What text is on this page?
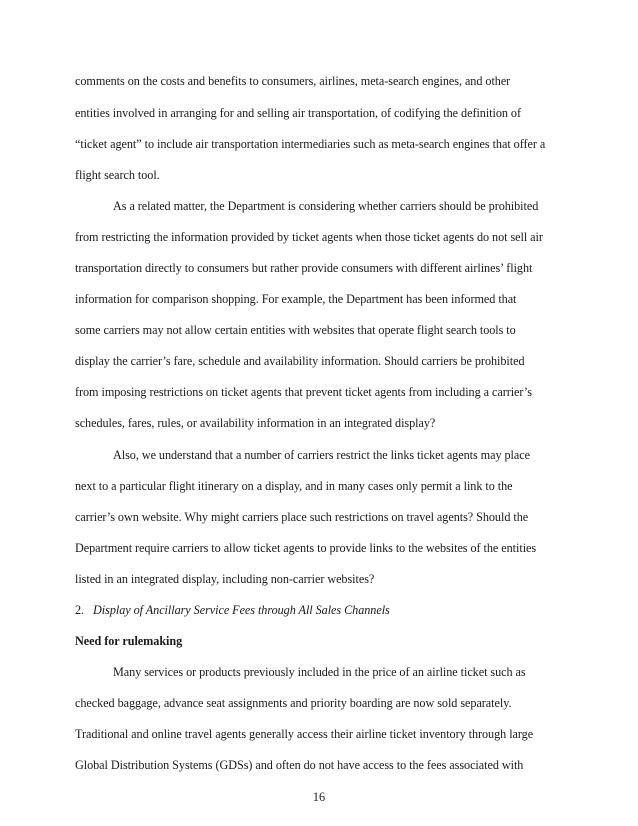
comments on the costs and benefits to consumers, airlines, meta-search engines, and other
entities involved in arranging for and selling air transportation, of codifying the definition of
“ticket agent” to include air transportation intermediaries such as meta-search engines that offer a
flight search tool.
As a related matter, the Department is considering whether carriers should be prohibited
from restricting the information provided by ticket agents when those ticket agents do not sell air
transportation directly to consumers but rather provide consumers with different airlines’ flight
information for comparison shopping. For example, the Department has been informed that
some carriers may not allow certain entities with websites that operate flight search tools to
display the carrier’s fare, schedule and availability information. Should carriers be prohibited
from imposing restrictions on ticket agents that prevent ticket agents from including a carrier’s
schedules, fares, rules, or availability information in an integrated display?
Also, we understand that a number of carriers restrict the links ticket agents may place
next to a particular flight itinerary on a display, and in many cases only permit a link to the
carrier’s own website. Why might carriers place such restrictions on travel agents? Should the
Department require carriers to allow ticket agents to provide links to the websites of the entities
listed in an integrated display, including non-carrier websites?
2. Display of Ancillary Service Fees through All Sales Channels
Need for rulemaking
Many services or products previously included in the price of an airline ticket such as
checked baggage, advance seat assignments and priority boarding are now sold separately.
Traditional and online travel agents generally access their airline ticket inventory through large
Global Distribution Systems (GDSs) and often do not have access to the fees associated with
16
